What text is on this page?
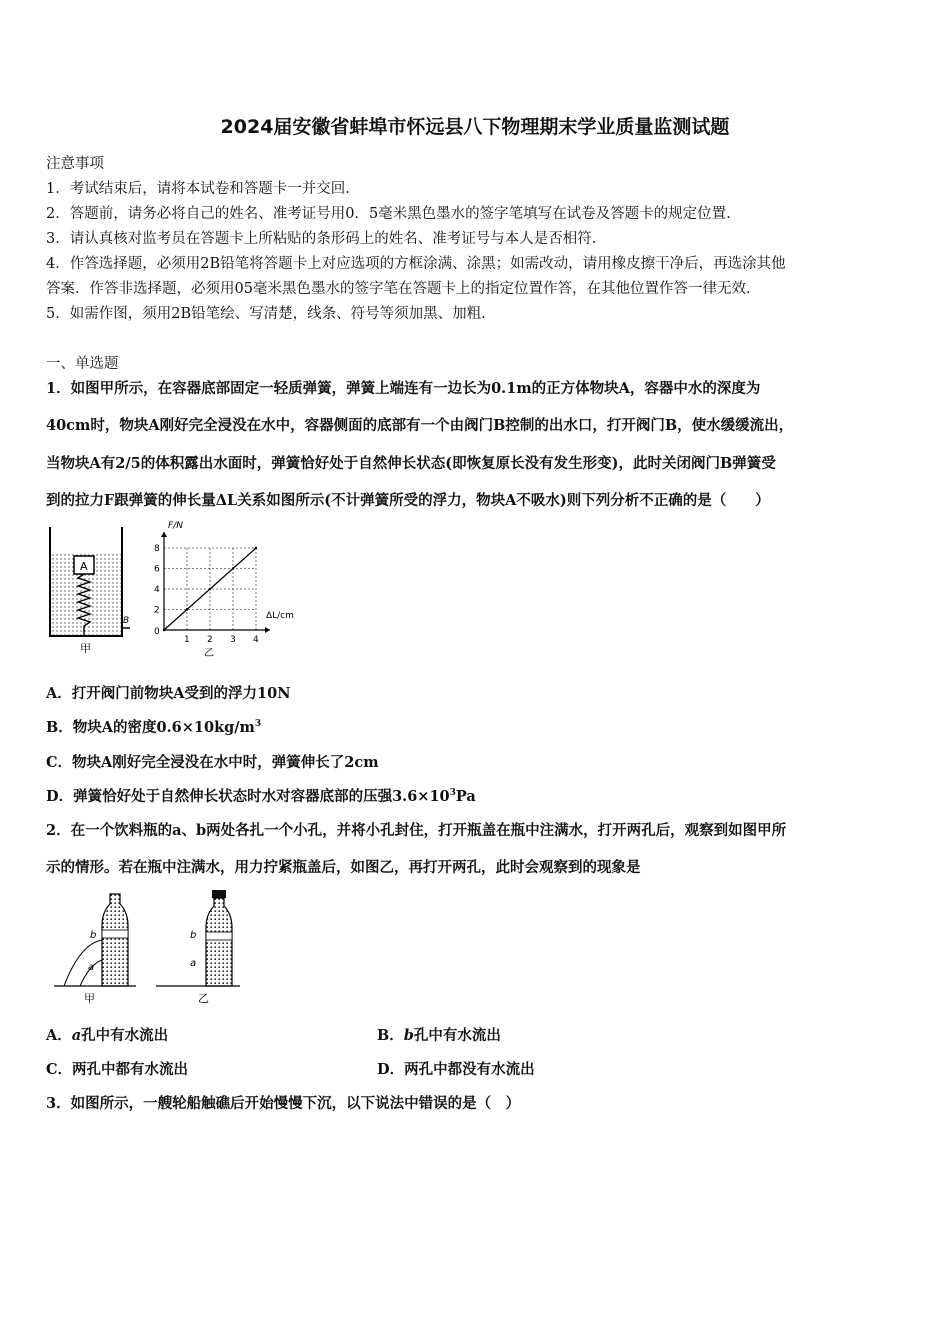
2024届安徽省蚌埠市怀远县八下物理期末学业质量监测试题
注意事项
1．考试结束后，请将本试卷和答题卡一并交回.
2．答题前，请务必将自己的姓名、准考证号用0．5毫米黑色墨水的签字笔填写在试卷及答题卡的规定位置.
3．请认真核对监考员在答题卡上所粘贴的条形码上的姓名、准考证号与本人是否相符.
4．作答选择题，必须用2B铅笔将答题卡上对应选项的方框涂满、涂黑；如需改动，请用橡皮擦干净后，再选涂其他
答案．作答非选择题，必须用05毫米黑色墨水的签字笔在答题卡上的指定位置作答，在其他位置作答一律无效.
5．如需作图，须用2B铅笔绘、写清楚，线条、符号等须加黑、加粗.
一、单选题
1．如图甲所示，在容器底部固定一轻质弹簧，弹簧上端连有一边长为0.1m的正方体物块A，容器中水的深度为
40cm时，物块A刚好完全浸没在水中，容器侧面的底部有一个由阀门B控制的出水口，打开阀门B，使水缓缓流出，
当物块A有2/5的体积露出水面时，弹簧恰好处于自然伸长状态(即恢复原长没有发生形变)，此时关闭阀门B弹簧受
到的拉力F跟弹簧的伸长量ΔL关系如图所示(不计弹簧所受的浮力，物块A不吸水)则下列分析不正确的是（　　）
A
B
甲
1 2 3 4
2
4
6
8
0
F/N
ΔL/cm
乙
A．打开阀门前物块A受到的浮力10N
B．物块A的密度$0.6\times 10kg/m^3$
C．物块A刚好完全浸没在水中时，弹簧伸长了2cm
D．弹簧恰好处于自然伸长状态时水对容器底部的压强$3.6\times 10^3Pa$
2．在一个饮料瓶的a、b两处各扎一个小孔，并将小孔封住，打开瓶盖在瓶中注满水，打开两孔后，观察到如图甲所
示的情形。若在瓶中注满水，用力拧紧瓶盖后，如图乙，再打开两孔，此时会观察到的现象是
b
a
甲
b
a
乙
A．a孔中有水流出	B．b孔中有水流出
C．两孔中都有水流出	D．两孔中都没有水流出
3．如图所示，一艘轮船触礁后开始慢慢下沉，以下说法中错误的是（　）
